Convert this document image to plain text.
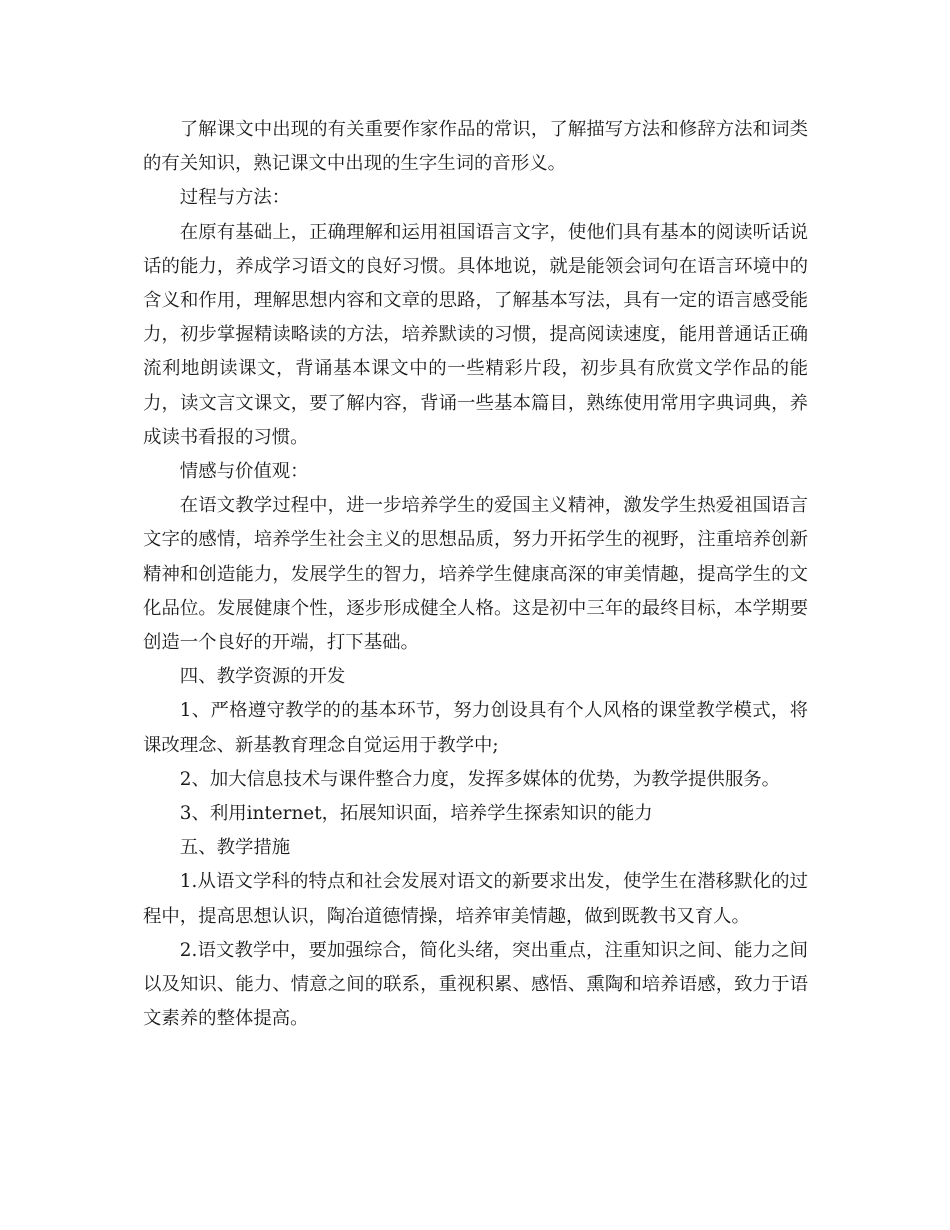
了解课文中出现的有关重要作家作品的常识，了解描写方法和修辞方法和词类的有关知识，熟记课文中出现的生字生词的音形义。

过程与方法：

在原有基础上，正确理解和运用祖国语言文字，使他们具有基本的阅读听话说话的能力，养成学习语文的良好习惯。具体地说，就是能领会词句在语言环境中的含义和作用，理解思想内容和文章的思路，了解基本写法，具有一定的语言感受能力，初步掌握精读略读的方法，培养默读的习惯，提高阅读速度，能用普通话正确流利地朗读课文，背诵基本课文中的一些精彩片段，初步具有欣赏文学作品的能力，读文言文课文，要了解内容，背诵一些基本篇目，熟练使用常用字典词典，养成读书看报的习惯。

情感与价值观：

在语文教学过程中，进一步培养学生的爱国主义精神，激发学生热爱祖国语言文字的感情，培养学生社会主义的思想品质，努力开拓学生的视野，注重培养创新精神和创造能力，发展学生的智力，培养学生健康高深的审美情趣，提高学生的文化品位。发展健康个性，逐步形成健全人格。这是初中三年的最终目标，本学期要创造一个良好的开端，打下基础。

四、教学资源的开发

1、严格遵守教学的的基本环节，努力创设具有个人风格的课堂教学模式，将课改理念、新基教育理念自觉运用于教学中;

2、加大信息技术与课件整合力度，发挥多媒体的优势，为教学提供服务。

3、利用internet，拓展知识面，培养学生探索知识的能力

五、教学措施

1.从语文学科的特点和社会发展对语文的新要求出发，使学生在潜移默化的过程中，提高思想认识，陶冶道德情操，培养审美情趣，做到既教书又育人。

2.语文教学中，要加强综合，简化头绪，突出重点，注重知识之间、能力之间以及知识、能力、情意之间的联系，重视积累、感悟、熏陶和培养语感，致力于语文素养的整体提高。
